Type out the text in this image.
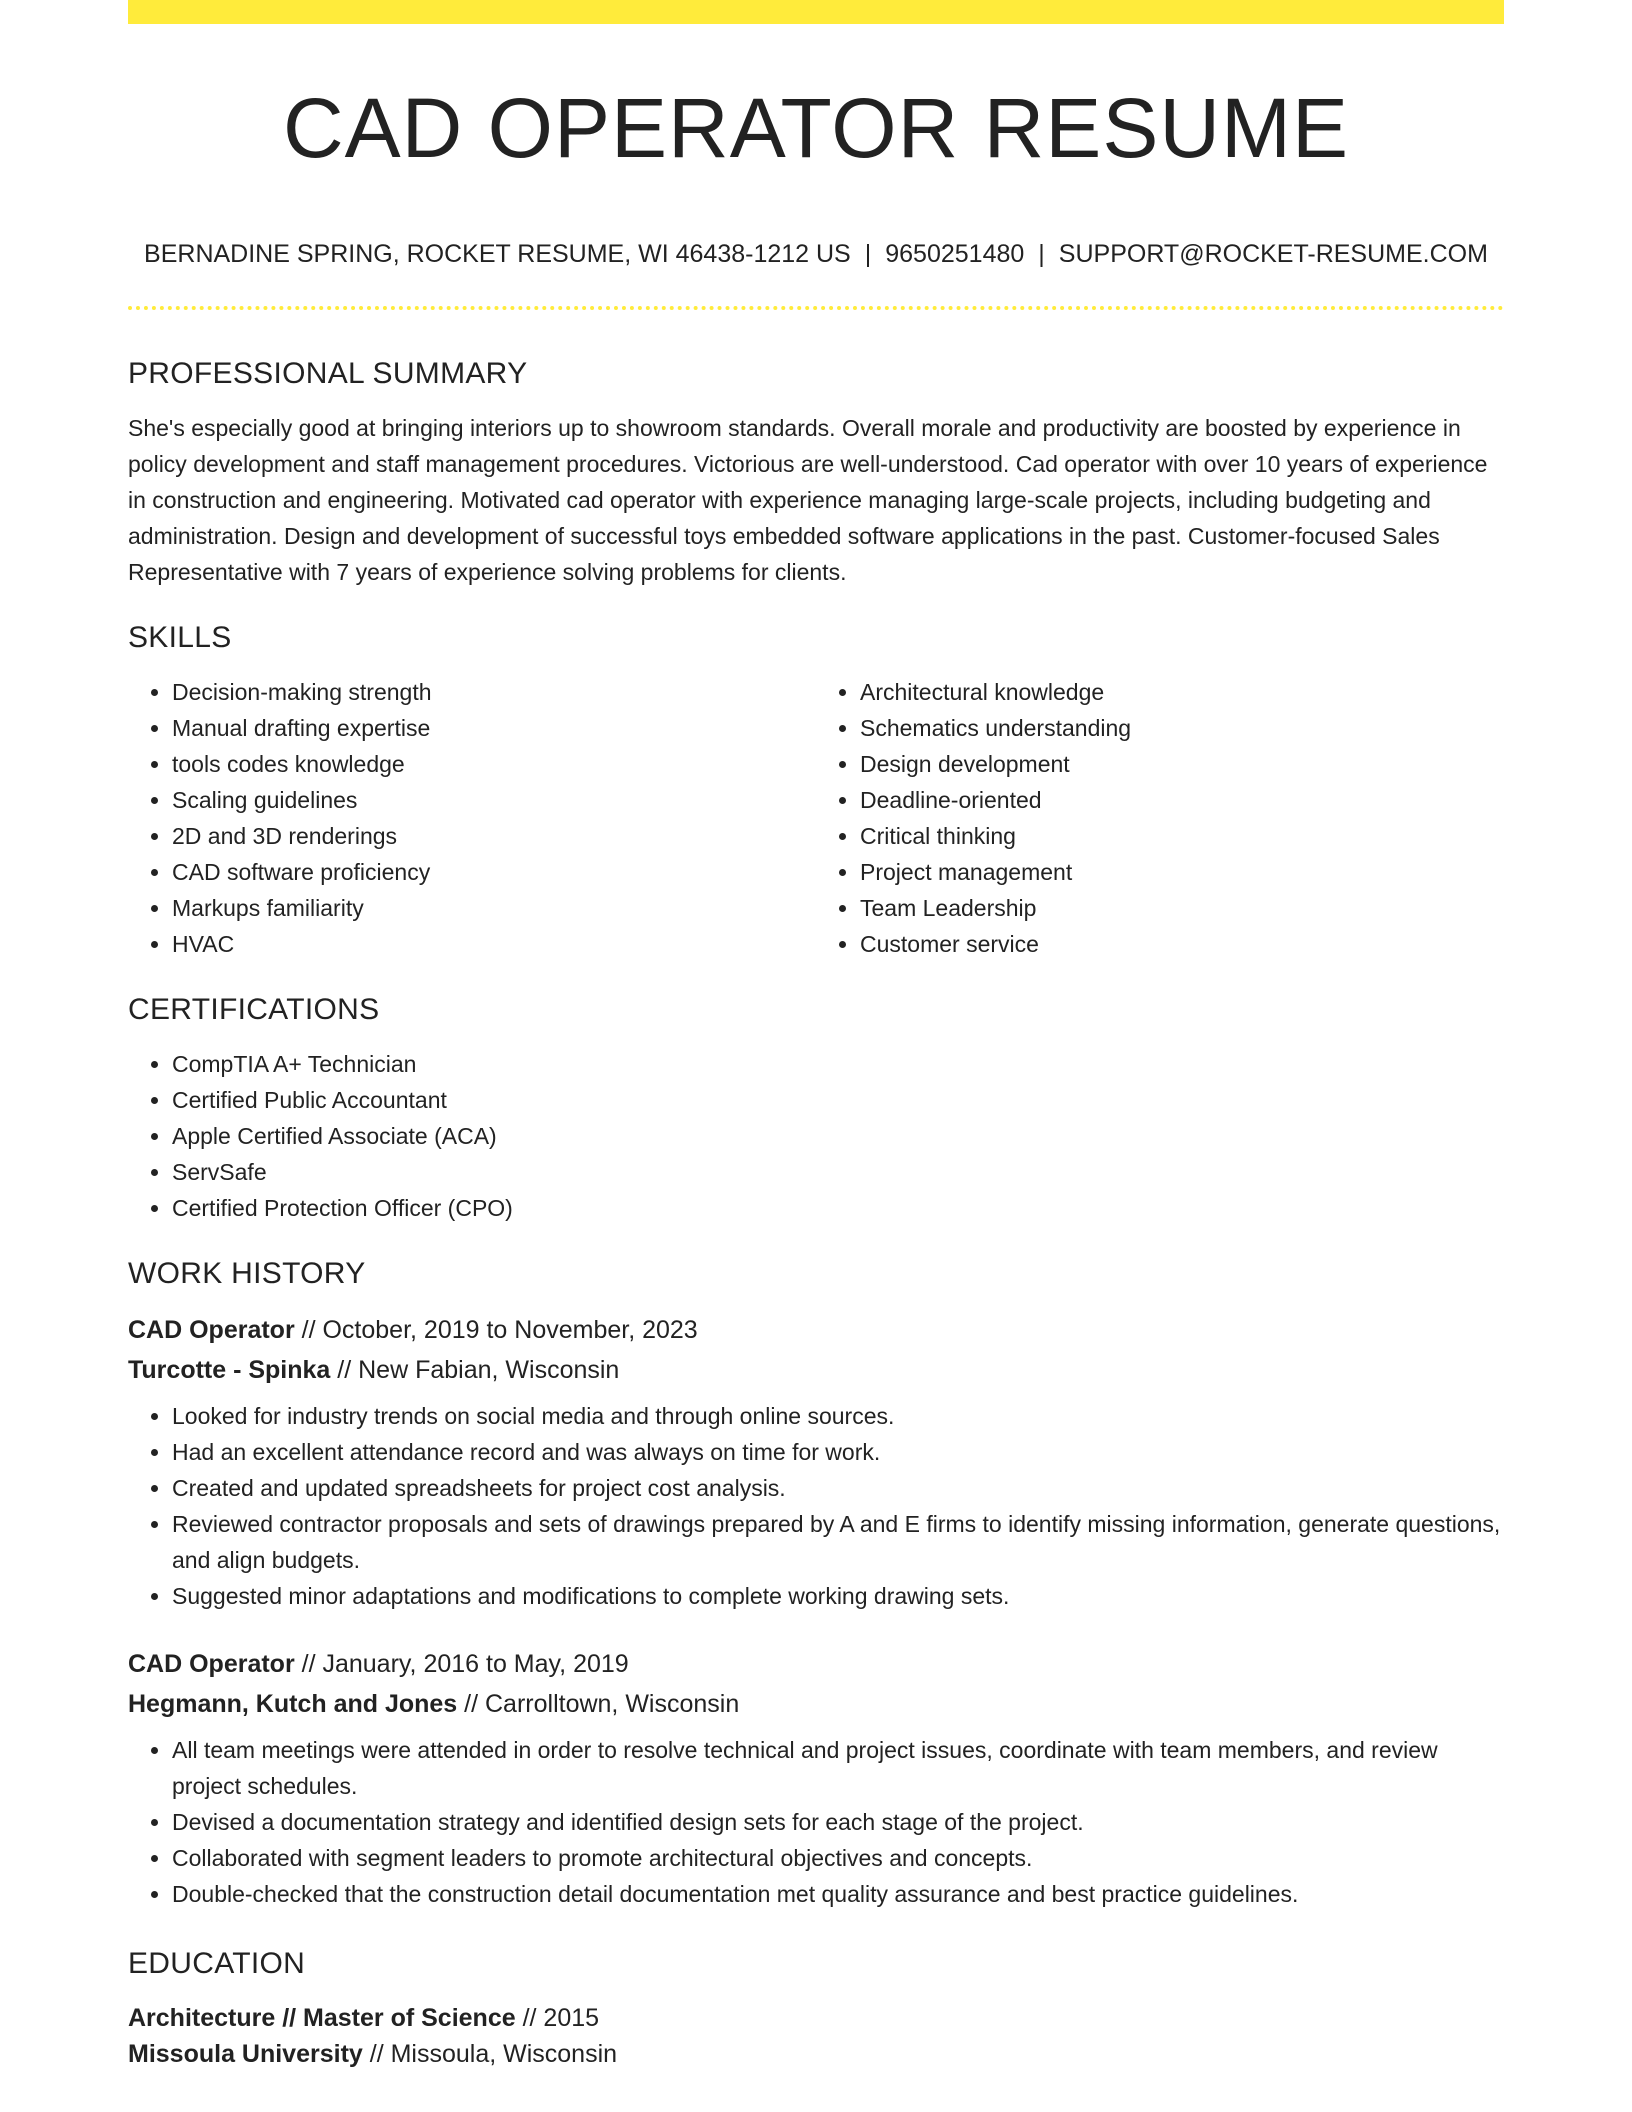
CAD OPERATOR RESUME
BERNADINE SPRING, ROCKET RESUME, WI 46438-1212 US | 9650251480 | SUPPORT@ROCKET-RESUME.COM
PROFESSIONAL SUMMARY

She's especially good at bringing interiors up to showroom standards. Overall morale and productivity are boosted by experience in policy development and staff management procedures. Victorious are well-understood. Cad operator with over 10 years of experience in construction and engineering. Motivated cad operator with experience managing large-scale projects, including budgeting and administration. Design and development of successful toys embedded software applications in the past. Customer-focused Sales Representative with 7 years of experience solving problems for clients.

SKILLS
• Decision-making strength
• Manual drafting expertise
• tools codes knowledge
• Scaling guidelines
• 2D and 3D renderings
• CAD software proficiency
• Markups familiarity
• HVAC
• Architectural knowledge
• Schematics understanding
• Design development
• Deadline-oriented
• Critical thinking
• Project management
• Team Leadership
• Customer service
CERTIFICATIONS
• CompTIA A+ Technician
• Certified Public Accountant
• Apple Certified Associate (ACA)
• ServSafe
• Certified Protection Officer (CPO)
WORK HISTORY
CAD Operator // October, 2019 to November, 2023
Turcotte - Spinka // New Fabian, Wisconsin
• Looked for industry trends on social media and through online sources.
• Had an excellent attendance record and was always on time for work.
• Created and updated spreadsheets for project cost analysis.
• Reviewed contractor proposals and sets of drawings prepared by A and E firms to identify missing information, generate questions, and align budgets.
• Suggested minor adaptations and modifications to complete working drawing sets.
CAD Operator // January, 2016 to May, 2019
Hegmann, Kutch and Jones // Carrolltown, Wisconsin
• All team meetings were attended in order to resolve technical and project issues, coordinate with team members, and review project schedules.
• Devised a documentation strategy and identified design sets for each stage of the project.
• Collaborated with segment leaders to promote architectural objectives and concepts.
• Double-checked that the construction detail documentation met quality assurance and best practice guidelines.
EDUCATION
Architecture // Master of Science // 2015
Missoula University // Missoula, Wisconsin
